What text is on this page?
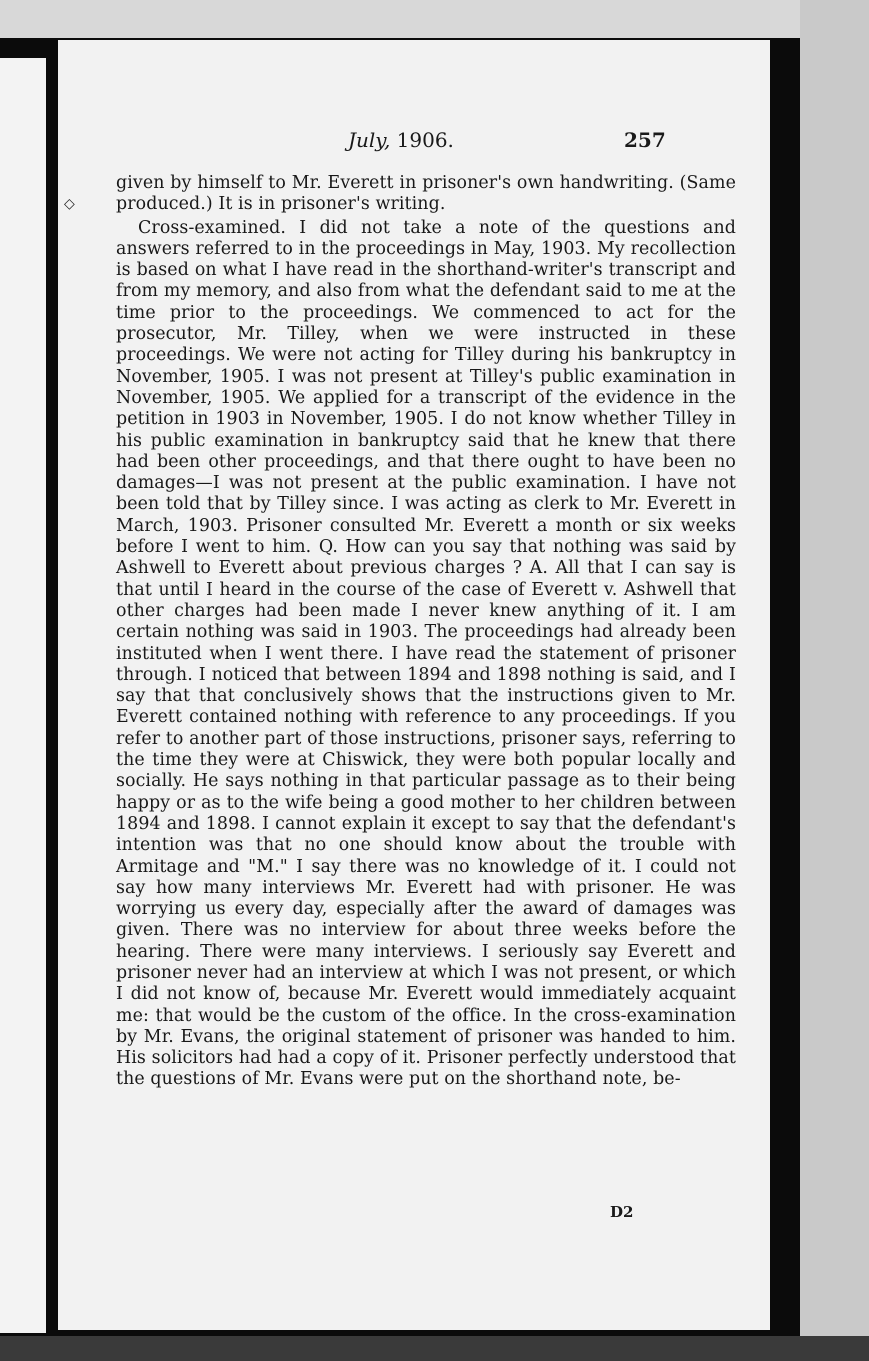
July, 1906.	257
◇

given by himself to Mr. Everett in prisoner's own handwriting. (Same produced.) It is in prisoner's writing.

Cross-examined. I did not take a note of the questions and answers referred to in the proceedings in May, 1903. My recollection is based on what I have read in the shorthand-writer's transcript and from my memory, and also from what the defendant said to me at the time prior to the proceedings. We commenced to act for the prosecutor, Mr. Tilley, when we were instructed in these proceedings. We were not acting for Tilley during his bankruptcy in November, 1905. I was not present at Tilley's public examination in November, 1905. We applied for a transcript of the evidence in the petition in 1903 in November, 1905. I do not know whether Tilley in his public examination in bankruptcy said that he knew that there had been other proceedings, and that there ought to have been no damages—I was not present at the public examination. I have not been told that by Tilley since. I was acting as clerk to Mr. Everett in March, 1903. Prisoner consulted Mr. Everett a month or six weeks before I went to him. Q. How can you say that nothing was said by Ashwell to Everett about previous charges ? A. All that I can say is that until I heard in the course of the case of Everett v. Ashwell that other charges had been made I never knew anything of it. I am certain nothing was said in 1903. The proceedings had already been instituted when I went there. I have read the statement of prisoner through. I noticed that between 1894 and 1898 nothing is said, and I say that that conclusively shows that the instructions given to Mr. Everett contained nothing with reference to any proceedings. If you refer to another part of those instructions, prisoner says, referring to the time they were at Chiswick, they were both popular locally and socially. He says nothing in that particular passage as to their being happy or as to the wife being a good mother to her children between 1894 and 1898. I cannot explain it except to say that the defendant's intention was that no one should know about the trouble with Armitage and "M." I say there was no knowledge of it. I could not say how many interviews Mr. Everett had with prisoner. He was worrying us every day, especially after the award of damages was given. There was no interview for about three weeks before the hearing. There were many interviews. I seriously say Everett and prisoner never had an interview at which I was not present, or which I did not know of, because Mr. Everett would immediately acquaint me: that would be the custom of the office. In the cross-examination by Mr. Evans, the original statement of prisoner was handed to him. His solicitors had had a copy of it. Prisoner perfectly understood that the questions of Mr. Evans were put on the shorthand note, be-

D2
